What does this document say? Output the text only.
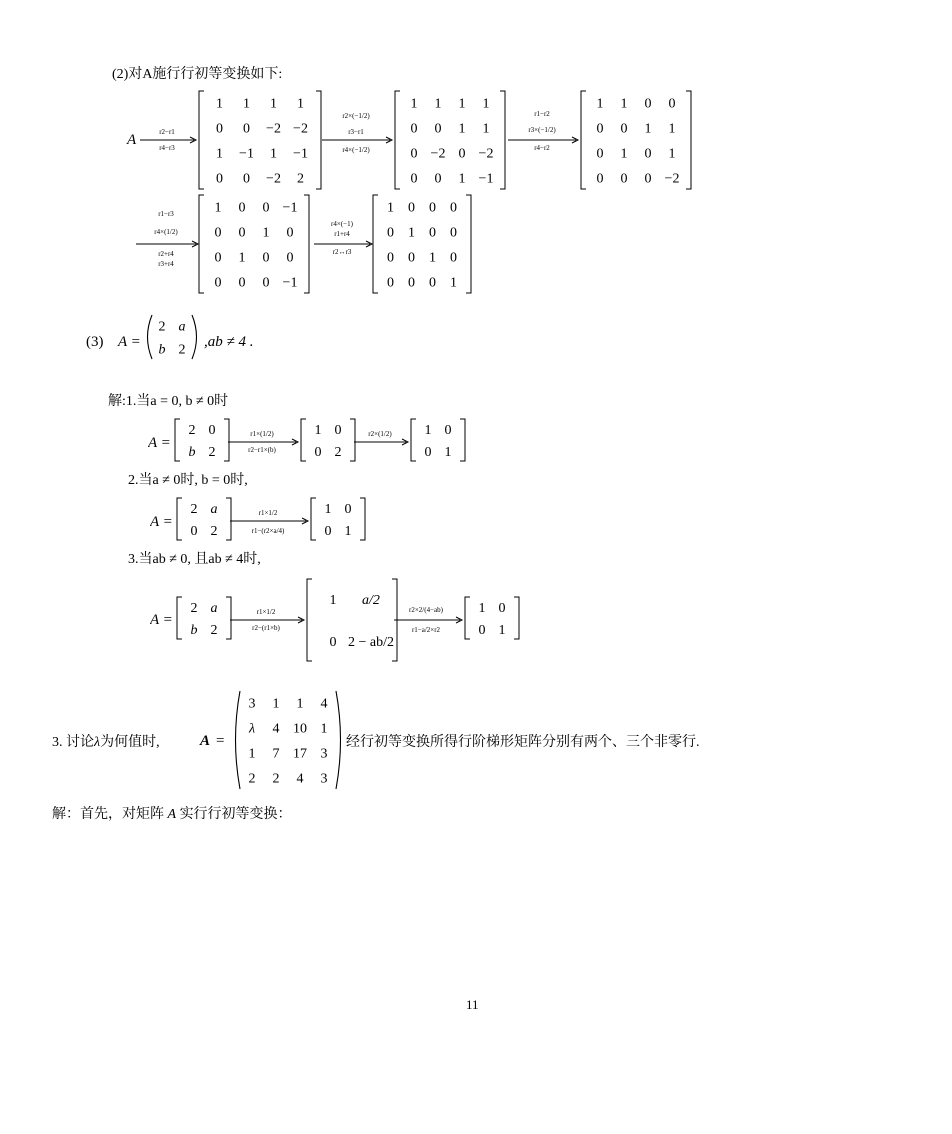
(2)对A施行行初等变换如下:
A	r2−r1
r4−r3
1 1 1 1
0 0 −2 −2
1 −1 1 −1
0 0 −2 2
r2×(−1/2)
r3−r1
r4×(−1/2)
1 1 1 1
0 0 1 1
0 −2 0 −2
0 0 1 −1
r1−r2
r3×(−1/2)
r4−r2
1 1 0 0
0 0 1 1
0 1 0 1
0 0 0 −2
r1−r3
r4×(1/2)
r2+r4
r3+r4
1 0 0 −1
0 0 1 0
0 1 0 0
0 0 0 −1
r4×(−1)
r1+r4
r2↔r3
1 0 0 0
0 1 0 0
0 0 1 0
0 0 0 1
(3) A =
2 a
b 2
,ab ≠ 4 .
解:1.当a = 0, b ≠ 0时
A =
2 0
b 2
r1×(1/2)
r2−r1×(b)
1 0
0 2
r2×(1/2) 1 0
0 1
2.当a ≠ 0时, b = 0时,
A =
2 a
0 2
r1×1/2
r1−(r2×a/4)
1 0
0 1
3.当ab ≠ 0, 且ab ≠ 4时,
A =
2 a
b 2
r1×1/2
r2−(r1×b)
1 a/2
0 2 − ab/2
r2×2/(4−ab)
r1−a/2×r2
1 0
0 1
3. 讨论λ为何值时,	A =
3 1 1 4
λ 4 10 1
1 7 17 3
2 2 4 3
经行初等变换所得行阶梯形矩阵分别有两个、三个非零行.
解：首先，对矩阵 A 实行行初等变换：
11
